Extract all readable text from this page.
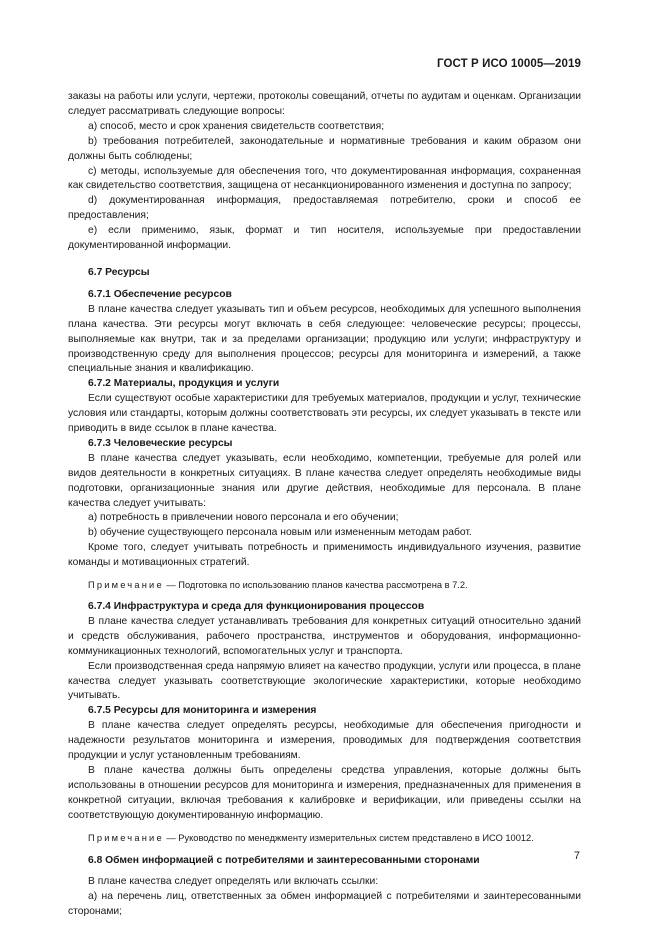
ГОСТ Р ИСО 10005—2019

заказы на работы или услуги, чертежи, протоколы совещаний, отчеты по аудитам и оценкам. Организации следует рассматривать следующие вопросы:

a) способ, место и срок хранения свидетельств соответствия;

b) требования потребителей, законодательные и нормативные требования и каким образом они должны быть соблюдены;

c) методы, используемые для обеспечения того, что документированная информация, сохраненная как свидетельство соответствия, защищена от несанкционированного изменения и доступна по запросу;

d) документированная информация, предоставляемая потребителю, сроки и способ ее предоставления;

e) если применимо, язык, формат и тип носителя, используемые при предоставлении документированной информации.

6.7 Ресурсы

6.7.1 Обеспечение ресурсов

В плане качества следует указывать тип и объем ресурсов, необходимых для успешного выполнения плана качества. Эти ресурсы могут включать в себя следующее: человеческие ресурсы; процессы, выполняемые как внутри, так и за пределами организации; продукцию или услуги; инфраструктуру и производственную среду для выполнения процессов; ресурсы для мониторинга и измерений, а также специальные знания и квалификацию.

6.7.2 Материалы, продукция и услуги

Если существуют особые характеристики для требуемых материалов, продукции и услуг, технические условия или стандарты, которым должны соответствовать эти ресурсы, их следует указывать в тексте или приводить в виде ссылок в плане качества.

6.7.3 Человеческие ресурсы

В плане качества следует указывать, если необходимо, компетенции, требуемые для ролей или видов деятельности в конкретных ситуациях. В плане качества следует определять необходимые виды подготовки, организационные знания или другие действия, необходимые для персонала. В плане качества следует учитывать:

a) потребность в привлечении нового персонала и его обучении;

b) обучение существующего персонала новым или измененным методам работ.

Кроме того, следует учитывать потребность и применимость индивидуального изучения, развитие команды и мотивационных стратегий.

Примечание — Подготовка по использованию планов качества рассмотрена в 7.2.

6.7.4 Инфраструктура и среда для функционирования процессов

В плане качества следует устанавливать требования для конкретных ситуаций относительно зданий и средств обслуживания, рабочего пространства, инструментов и оборудования, информационно-коммуникационных технологий, вспомогательных услуг и транспорта.

Если производственная среда напрямую влияет на качество продукции, услуги или процесса, в плане качества следует указывать соответствующие экологические характеристики, которые необходимо учитывать.

6.7.5 Ресурсы для мониторинга и измерения

В плане качества следует определять ресурсы, необходимые для обеспечения пригодности и надежности результатов мониторинга и измерения, проводимых для подтверждения соответствия продукции и услуг установленным требованиям.

В плане качества должны быть определены средства управления, которые должны быть использованы в отношении ресурсов для мониторинга и измерения, предназначенных для применения в конкретной ситуации, включая требования к калибровке и верификации, или приведены ссылки на соответствующую документированную информацию.

Примечание — Руководство по менеджменту измерительных систем представлено в ИСО 10012.

6.8 Обмен информацией с потребителями и заинтересованными сторонами

В плане качества следует определять или включать ссылки:

a) на перечень лиц, ответственных за обмен информацией с потребителями и заинтересованными сторонами;

7
